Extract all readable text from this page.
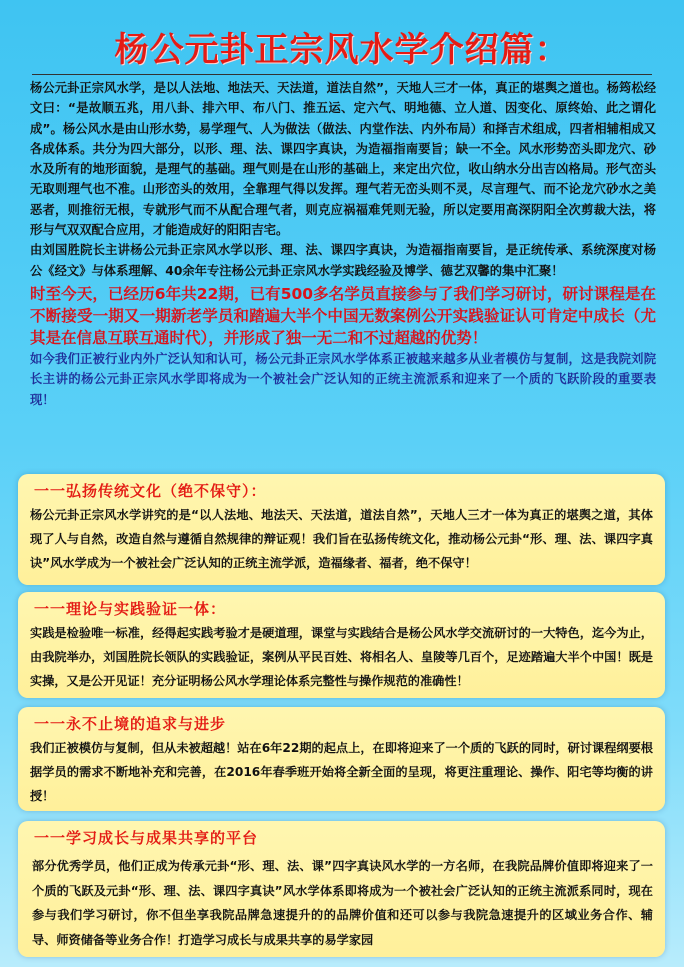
杨公元卦正宗风水学介绍篇：

杨公元卦正宗风水学，是以人法地、地法天、天法道，道法自然”，天地人三才一体，真正的堪舆之道也。杨筠松经文曰：“是故顺五兆，用八卦、排六甲、布八门、推五运、定六气、明地德、立人道、因变化、原终始、此之谓化成”。杨公风水是由山形水势，易学理气、人为做法（做法、内堂作法、内外布局）和择吉术组成，四者相辅相成又各成体系。共分为四大部分，以形、理、法、课四字真诀，为造福指南要旨；缺一不全。风水形势峦头即龙穴、砂水及所有的地形面貌，是理气的基础。理气则是在山形的基础上，来定出穴位，收山纳水分出吉凶格局。形气峦头无取则理气也不准。山形峦头的效用，全靠理气得以发挥。理气若无峦头则不灵，尽言理气、而不论龙穴砂水之美恶者，则推衍无根，专就形气而不从配合理气者，则克应祸福难凭则无验，所以定要用高深阴阳全次剪裁大法，将形与气双双配合应用，才能造成好的阳阳吉宅。

由刘国胜院长主讲杨公元卦正宗风水学以形、理、法、课四字真诀，为造福指南要旨，是正统传承、系统深度对杨公《经文》与体系理解、40余年专注杨公元卦正宗风水学实践经验及博学、德艺双馨的集中汇聚！

时至今天，已经历6年共22期，已有500多名学员直接参与了我们学习研讨，研讨课程是在不断接受一期又一期新老学员和踏遍大半个中国无数案例公开实践验证认可肯定中成长（尤其是在信息互联互通时代），并形成了独一无二和不过超越的优势！

如今我们正被行业内外广泛认知和认可，杨公元卦正宗风水学体系正被越来越多从业者模仿与复制，这是我院刘院长主讲的杨公元卦正宗风水学即将成为一个被社会广泛认知的正统主流派系和迎来了一个质的飞跃阶段的重要表现！

一一弘扬传统文化（绝不保守）：

杨公元卦正宗风水学讲究的是“以人法地、地法天、天法道，道法自然”，天地人三才一体为真正的堪舆之道，其体现了人与自然，改造自然与遵循自然规律的辩证观！我们旨在弘扬传统文化，推动杨公元卦“形、理、法、课四字真诀”风水学成为一个被社会广泛认知的正统主流学派，造福缘者、福者，绝不保守！

一一理论与实践验证一体：

实践是检验唯一标准，经得起实践考验才是硬道理，课堂与实践结合是杨公风水学交流研讨的一大特色，迄今为止，由我院举办，刘国胜院长领队的实践验证，案例从平民百姓、将相名人、皇陵等几百个，足迹踏遍大半个中国！既是实操，又是公开见证！充分证明杨公风水学理论体系完整性与操作规范的准确性！

一一永不止境的追求与进步

我们正被模仿与复制，但从未被超越！站在6年22期的起点上，在即将迎来了一个质的飞跃的同时，研讨课程纲要根据学员的需求不断地补充和完善，在2016年春季班开始将全新全面的呈现，将更注重理论、操作、阳宅等均衡的讲授！

一一学习成长与成果共享的平台

部分优秀学员，他们正成为传承元卦“形、理、法、课”四字真诀风水学的一方名师，在我院品牌价值即将迎来了一个质的飞跃及元卦“形、理、法、课四字真诀”风水学体系即将成为一个被社会广泛认知的正统主流派系同时，现在参与我们学习研讨，你不但坐享我院品牌急速提升的的品牌价值和还可以参与我院急速提升的区域业务合作、辅导、师资储备等业务合作！打造学习成长与成果共享的易学家园
